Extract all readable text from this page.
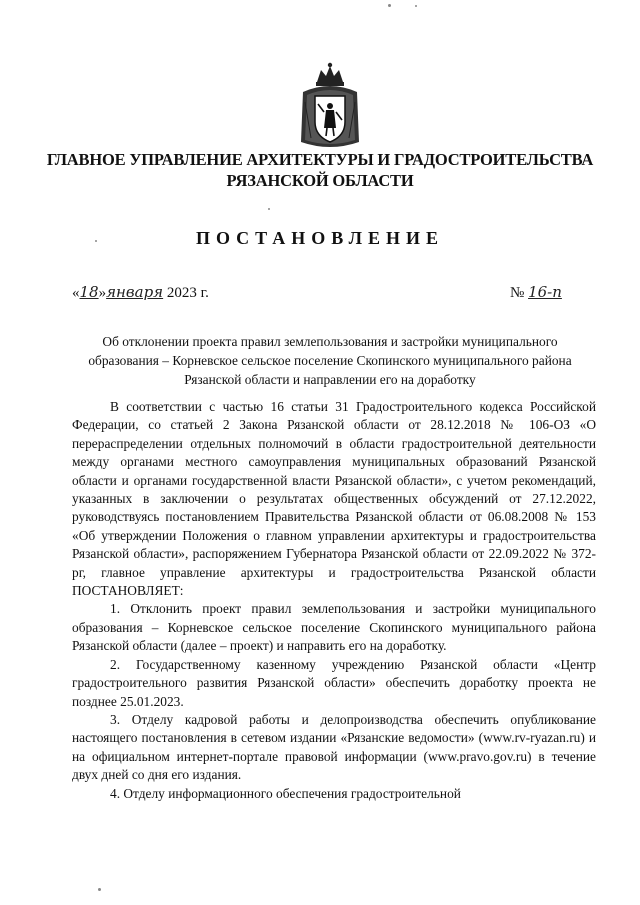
ГЛАВНОЕ УПРАВЛЕНИЕ АРХИТЕКТУРЫ И ГРАДОСТРОИТЕЛЬСТВА
РЯЗАНСКОЙ ОБЛАСТИ
ПОСТАНОВЛЕНИЕ
«18»января 2023 г.	№ 16-п
Об отклонении проекта правил землепользования и застройки муниципального образования – Корневское сельское поселение Скопинского муниципального района Рязанской области и направлении его на доработку

В соответствии с частью 16 статьи 31 Градостроительного кодекса Российской Федерации, со статьей 2 Закона Рязанской области от 28.12.2018 № 106-ОЗ «О перераспределении отдельных полномочий в области градостроительной деятельности между органами местного самоуправления муниципальных образований Рязанской области и органами государственной власти Рязанской области», с учетом рекомендаций, указанных в заключении о результатах общественных обсуждений от 27.12.2022, руководствуясь постановлением Правительства Рязанской области от 06.08.2008 № 153 «Об утверждении Положения о главном управлении архитектуры и градостроительства Рязанской области», распоряжением Губернатора Рязанской области от 22.09.2022 № 372-рг, главное управление архитектуры и градостроительства Рязанской области ПОСТАНОВЛЯЕТ:

1. Отклонить проект правил землепользования и застройки муниципального образования – Корневское сельское поселение Скопинского муниципального района Рязанской области (далее – проект) и направить его на доработку.

2. Государственному казенному учреждению Рязанской области «Центр градостроительного развития Рязанской области» обеспечить доработку проекта не позднее 25.01.2023.

3. Отделу кадровой работы и делопроизводства обеспечить опубликование настоящего постановления в сетевом издании «Рязанские ведомости» (www.rv-ryazan.ru) и на официальном интернет-портале правовой информации (www.pravo.gov.ru) в течение двух дней со дня его издания.

4. Отделу информационного обеспечения градостроительной
